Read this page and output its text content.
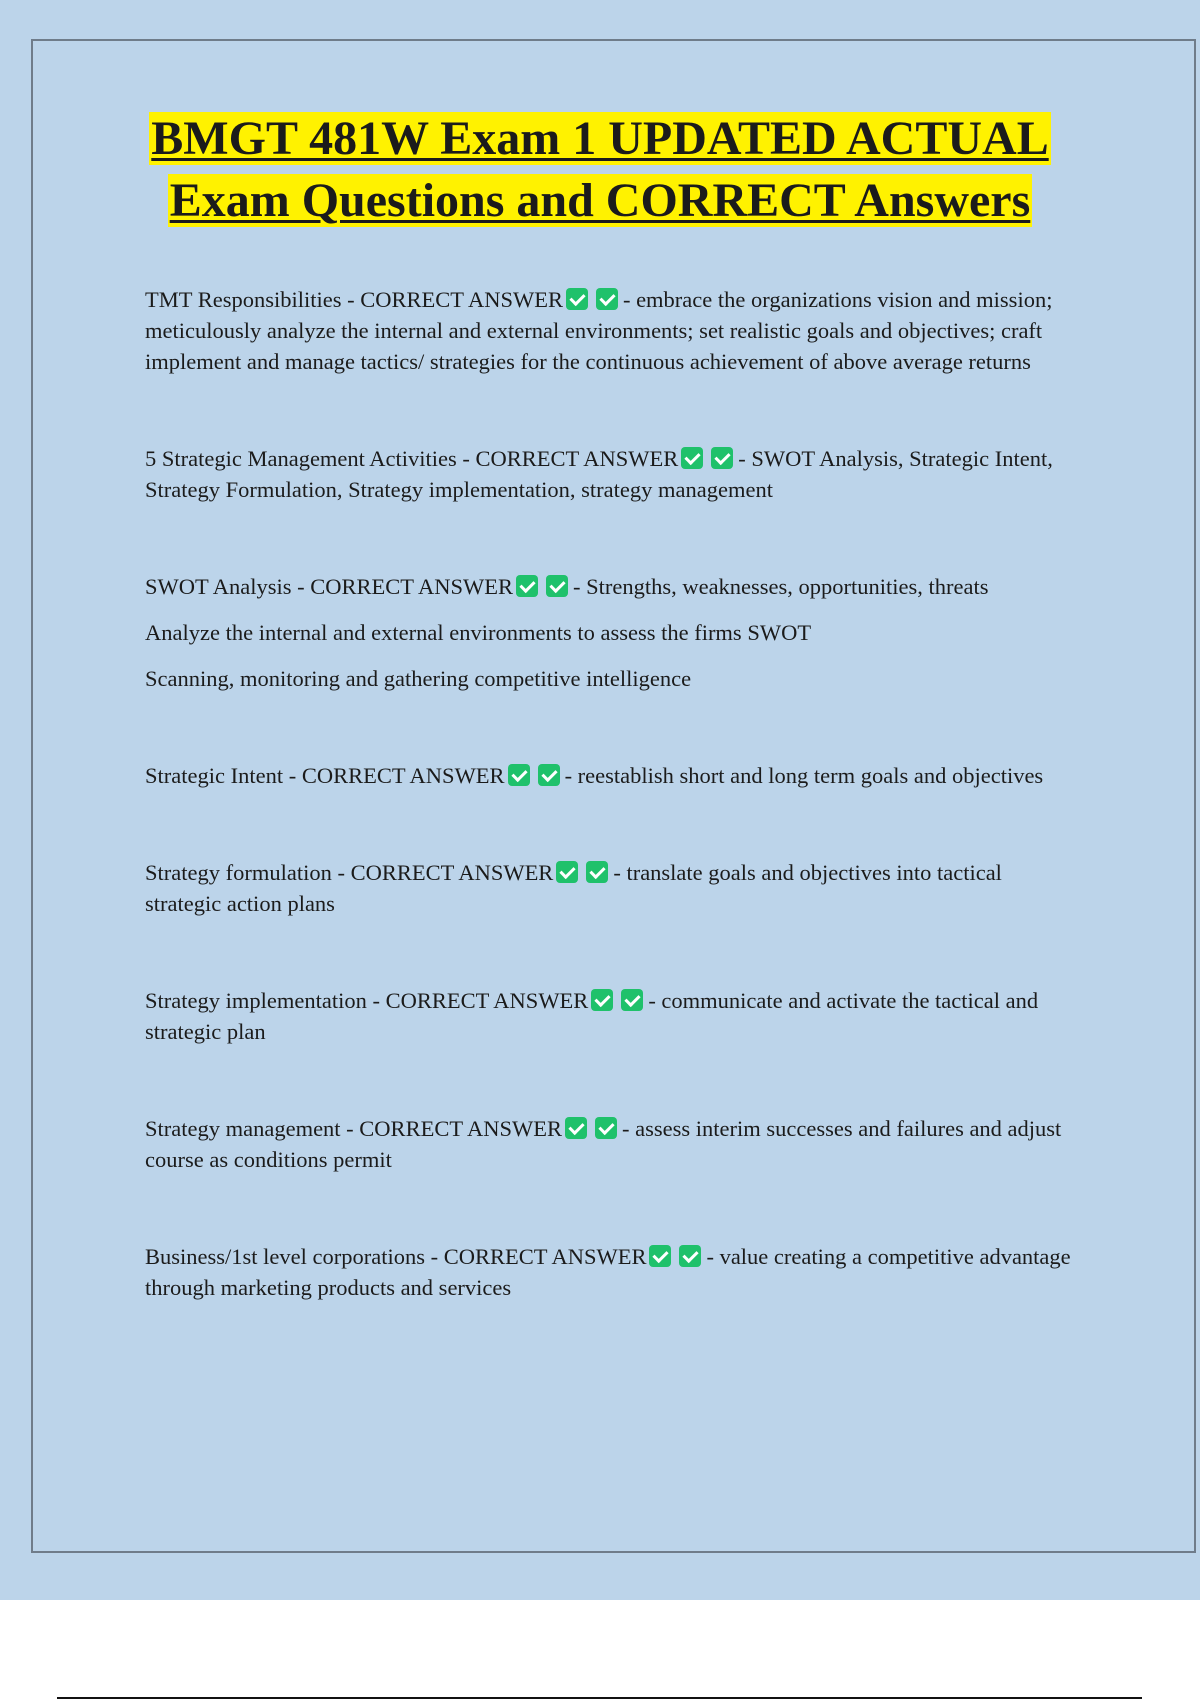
BMGT 481W Exam 1 UPDATED ACTUAL
Exam Questions and CORRECT Answers

TMT Responsibilities - CORRECT ANSWER	- embrace the organizations vision and mission; meticulously analyze the internal and external environments; set realistic goals and objectives; craft implement and manage tactics/ strategies for the continuous achievement of above average returns

5 Strategic Management Activities - CORRECT ANSWER	- SWOT Analysis, Strategic Intent, Strategy Formulation, Strategy implementation, strategy management

SWOT Analysis - CORRECT ANSWER	- Strengths, weaknesses, opportunities, threats

Analyze the internal and external environments to assess the firms SWOT

Scanning, monitoring and gathering competitive intelligence

Strategic Intent - CORRECT ANSWER	- reestablish short and long term goals and objectives

Strategy formulation - CORRECT ANSWER	- translate goals and objectives into tactical strategic action plans

Strategy implementation - CORRECT ANSWER	- communicate and activate the tactical and strategic plan

Strategy management - CORRECT ANSWER	- assess interim successes and failures and adjust course as conditions permit

Business/1st level corporations - CORRECT ANSWER	- value creating a competitive advantage through marketing products and services
